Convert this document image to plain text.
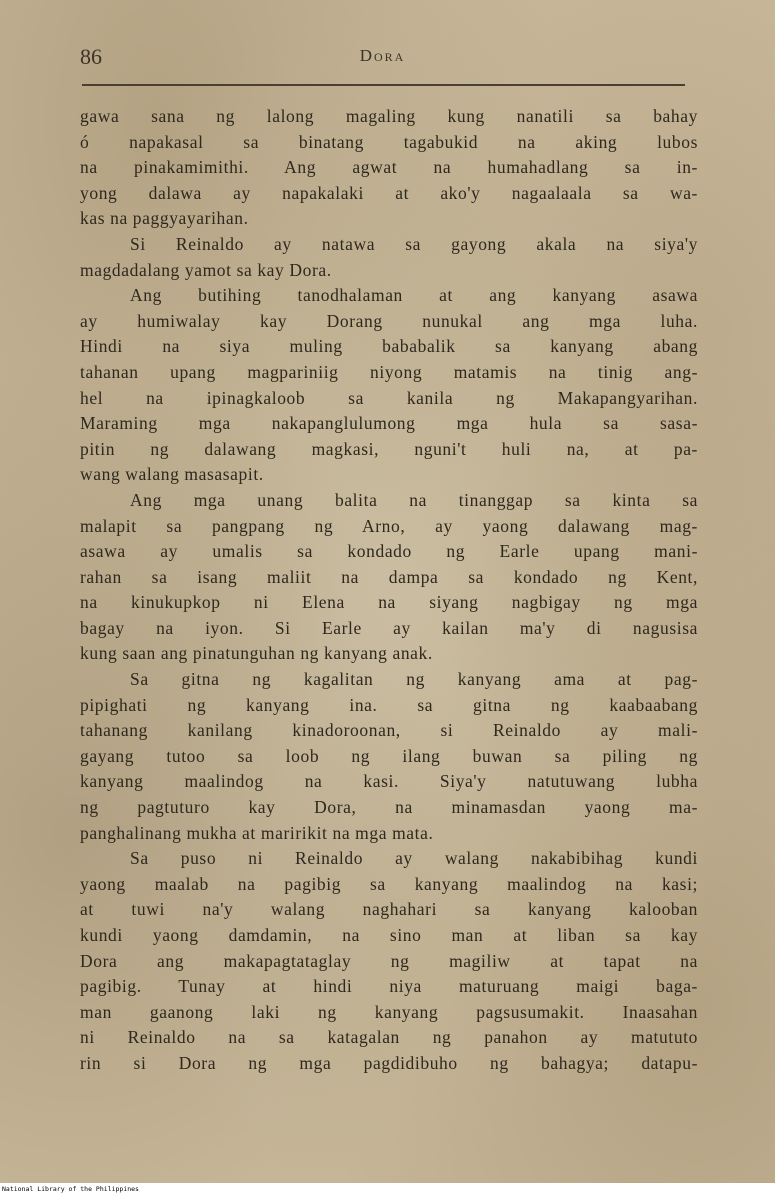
86	Dora
gawa sana ng lalong magaling kung nanatili sa bahay
ó napakasal sa binatang tagabukid na aking lubos
na pinakamimithi. Ang agwat na humahadlang sa in-
yong dalawa ay napakalaki at ako'y nagaalaala sa wa-
kas na paggyayarihan.
Si Reinaldo ay natawa sa gayong akala na siya'y
magdadalang yamot sa kay Dora.
Ang butihing tanodhalaman at ang kanyang asawa
ay humiwalay kay Dorang nunukal ang mga luha.
Hindi na siya muling bababalik sa kanyang abang
tahanan upang magpariniig niyong matamis na tinig ang-
hel na ipinagkaloob sa kanila ng Makapangyarihan.
Maraming mga nakapanglulumong mga hula sa sasa-
pitin ng dalawang magkasi, nguni't huli na, at pa-
wang walang masasapit.
Ang mga unang balita na tinanggap sa kinta sa
malapit sa pangpang ng Arno, ay yaong dalawang mag-
asawa ay umalis sa kondado ng Earle upang mani-
rahan sa isang maliit na dampa sa kondado ng Kent,
na kinukupkop ni Elena na siyang nagbigay ng mga
bagay na iyon. Si Earle ay kailan ma'y di nagusisa
kung saan ang pinatunguhan ng kanyang anak.
Sa gitna ng kagalitan ng kanyang ama at pag-
pipighati ng kanyang ina. sa gitna ng kaabaabang
tahanang kanilang kinadoroonan, si Reinaldo ay mali-
gayang tutoo sa loob ng ilang buwan sa piling ng
kanyang maalindog na kasi. Siya'y natutuwang lubha
ng pagtuturo kay Dora, na minamasdan yaong ma-
panghalinang mukha at maririkit na mga mata.
Sa puso ni Reinaldo ay walang nakabibihag kundi
yaong maalab na pagibig sa kanyang maalindog na kasi;
at tuwi na'y walang naghahari sa kanyang kalooban
kundi yaong damdamin, na sino man at liban sa kay
Dora ang makapagtataglay ng magiliw at tapat na
pagibig. Tunay at hindi niya maturuang maigi baga-
man gaanong laki ng kanyang pagsusumakit. Inaasahan
ni Reinaldo na sa katagalan ng panahon ay matututo
rin si Dora ng mga pagdidibuho ng bahagya; datapu-
National Library of the Philippines
